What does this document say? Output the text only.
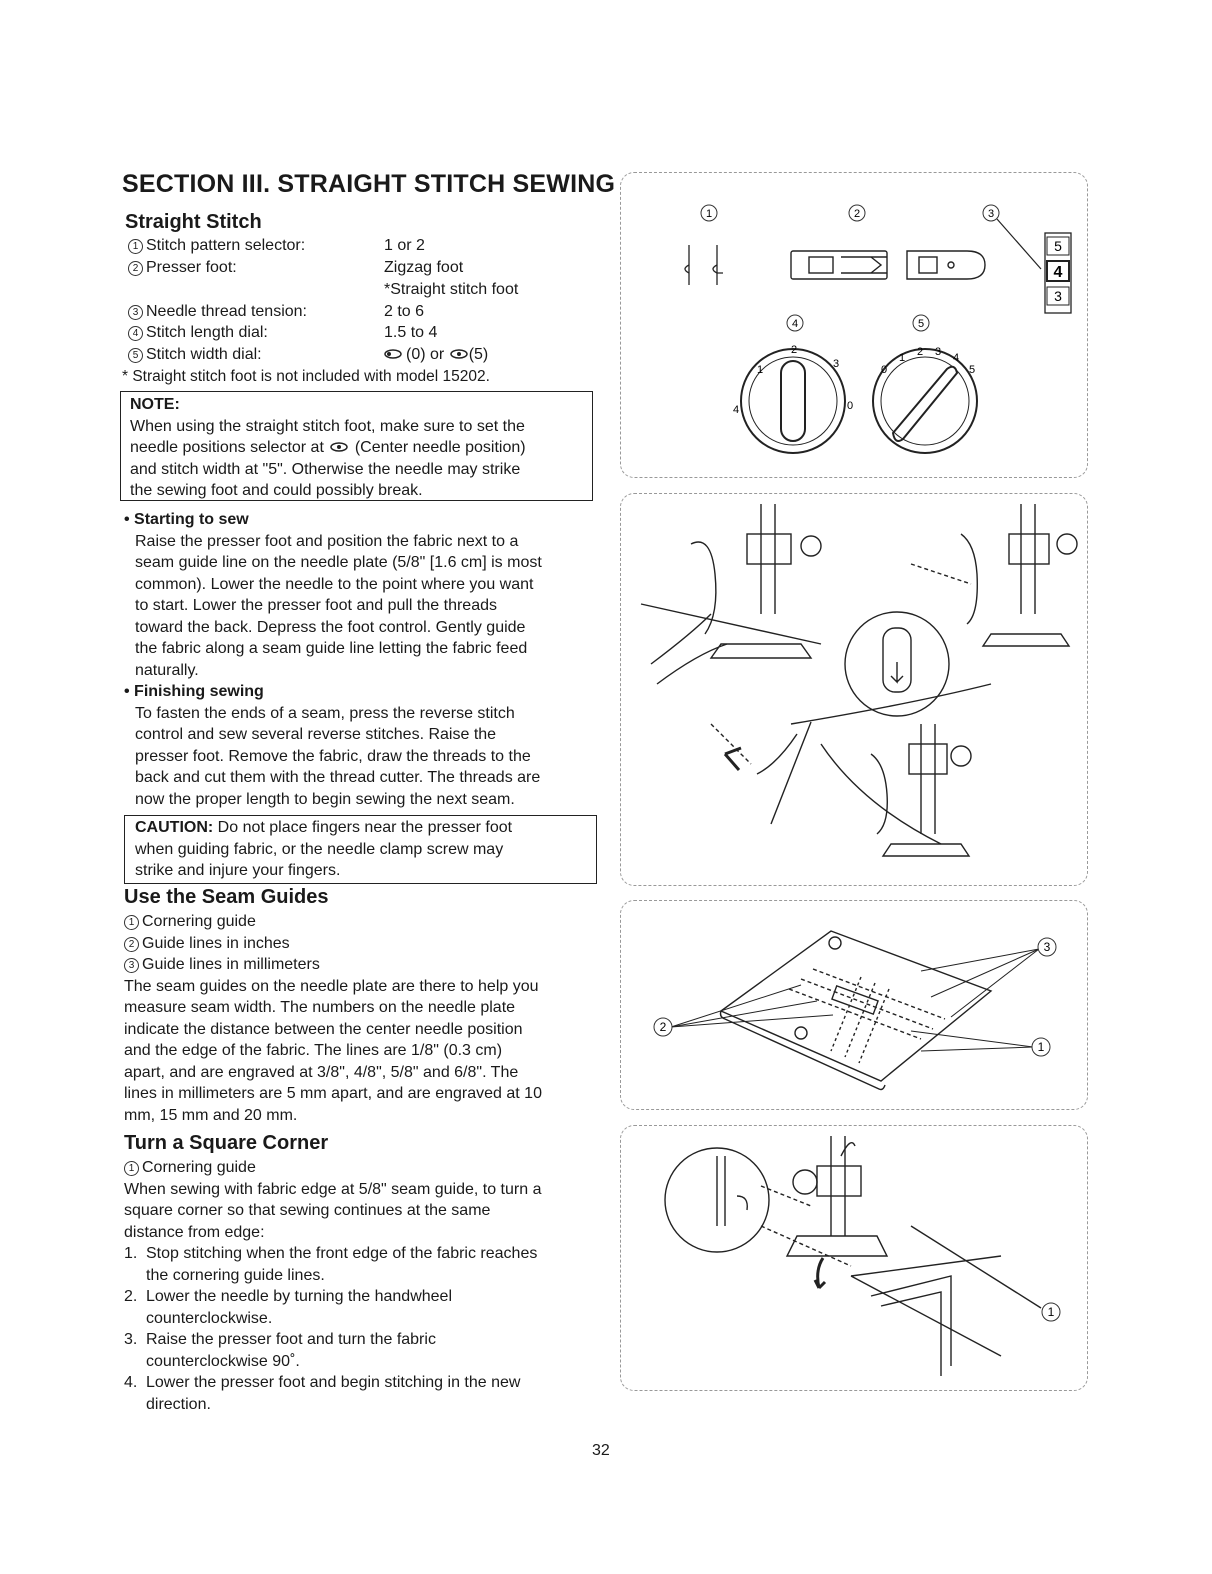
SECTION III. STRAIGHT STITCH SEWING
Straight Stitch
1 Stitch pattern selector:	1 or 2
2 Presser foot:	Zigzag foot
*Straight stitch foot
3 Needle thread tension:	2 to 6
4 Stitch length dial:	1.5 to 4
5 Stitch width dial:	(0) or (5)
* Straight stitch foot is not included with model 15202.
NOTE:
When using the straight stitch foot, make sure to set the
needle positions selector at (Center needle position)
and stitch width at "5". Otherwise the needle may strike
the sewing foot and could possibly break.
• Starting to sew
Raise the presser foot and position the fabric next to a
seam guide line on the needle plate (5/8" [1.6 cm] is most
common). Lower the needle to the point where you want
to start. Lower the presser foot and pull the threads
toward the back. Depress the foot control. Gently guide
the fabric along a seam guide line letting the fabric feed
naturally.
• Finishing sewing
To fasten the ends of a seam, press the reverse stitch
control and sew several reverse stitches. Raise the
presser foot. Remove the fabric, draw the threads to the
back and cut them with the thread cutter. The threads are
now the proper length to begin sewing the next seam.
CAUTION: Do not place fingers near the presser foot
when guiding fabric, or the needle clamp screw may
strike and injure your fingers.
Use the Seam Guides
1 Cornering guide
2 Guide lines in inches
3 Guide lines in millimeters
The seam guides on the needle plate are there to help you
measure seam width. The numbers on the needle plate
indicate the distance between the center needle position
and the edge of the fabric. The lines are 1/8" (0.3 cm)
apart, and are engraved at 3/8", 4/8", 5/8" and 6/8". The
lines in millimeters are 5 mm apart, and are engraved at 10
mm, 15 mm and 20 mm.
Turn a Square Corner
1 Cornering guide
When sewing with fabric edge at 5/8" seam guide, to turn a
square corner so that sewing continues at the same
distance from edge:
1. Stop stitching when the front edge of the fabric reaches
the cornering guide lines.
2. Lower the needle by turning the handwheel
counterclockwise.
3. Raise the presser foot and turn the fabric
counterclockwise 90˚.
4. Lower the presser foot and begin stitching in the new
direction.
1	2	3
5
4
3
4	5
1
2
3
4	0
0
1 2 3 4
5
3
2
1
1
32
